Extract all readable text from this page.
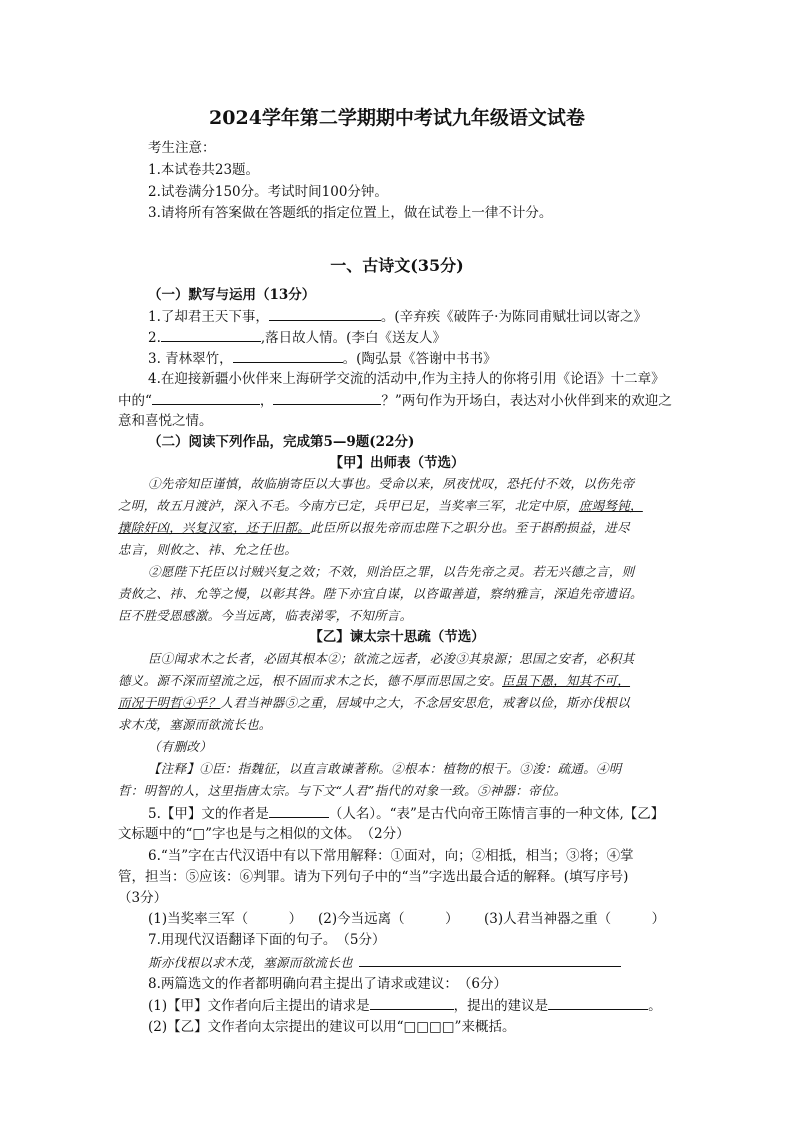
2024学年第二学期期中考试九年级语文试卷
考生注意：
1.本试卷共23题。
2.试卷满分150分。考试时间100分钟。
3.请将所有答案做在答题纸的指定位置上，做在试卷上一律不计分。
一、古诗文(35分)
（一）默写与运用（13分）
1.了却君王天下事，	。(辛弃疾《破阵子·为陈同甫赋壮词以寄之》
2.	,落日故人情。(李白《送友人》
3. 青林翠竹，	。(陶弘景《答谢中书书》
4.在迎接新疆小伙伴来上海研学交流的活动中,作为主持人的你将引用《论语》十二章》
中的“	，	？”两句作为开场白，表达对小伙伴到来的欢迎之
意和喜悦之情。
（二）阅读下列作品，完成第5—9题(22分)
【甲】出师表（节选）
①先帝知臣谨慎，故临崩寄臣以大事也。受命以来，夙夜忧叹，恐托付不效，以伤先帝
之明，故五月渡泸，深入不毛。今南方已定，兵甲已足，当奖率三军，北定中原，庶竭驽钝，
攘除奸凶，兴复汉室，还于旧都。此臣所以报先帝而忠陛下之职分也。至于斟酌损益，进尽
忠言，则攸之、祎、允之任也。
②愿陛下托臣以讨贼兴复之效；不效，则治臣之罪，以告先帝之灵。若无兴德之言，则
责攸之、祎、允等之慢，以彰其咎。陛下亦宜自谋，以咨诹善道，察纳雅言，深追先帝遗诏。
臣不胜受恩感激。今当远离，临表涕零，不知所言。
【乙】谏太宗十思疏（节选）
臣①闻求木之长者，必固其根本②；欲流之远者，必浚③其泉源；思国之安者，必积其
德义。源不深而望流之远，根不固而求木之长，德不厚而思国之安。臣虽下愚，知其不可，
而况于明哲④乎？人君当神器⑤之重，居域中之大，不念居安思危，戒奢以俭，斯亦伐根以
求木茂，塞源而欲流长也。
（有删改）
【注释】①臣：指魏征，以直言敢谏著称。②根本：植物的根干。③浚：疏通。④明
哲：明智的人，这里指唐太宗。与下文“人君”指代的对象一致。⑤神器：帝位。
5.【甲】文的作者是	（人名）。“表”是古代向帝王陈情言事的一种文体,【乙】
文标题中的“□”字也是与之相似的文体。　（2分）
6.“当”字在古代汉语中有以下常用解释：①面对，向；②相抵，相当；③将；④掌
管，担当：⑤应该：⑥判罪。请为下列句子中的“当”字选出最合适的解释。(填写序号)
（3分）
(1)当奖率三军（　　　） (2)今当远离（　　　） (3)人君当神器之重（　　　）
7.用现代汉语翻译下面的句子。　（5分）
斯亦伐根以求木茂，塞源而欲流长也
8.两篇选文的作者都明确向君主提出了请求或建议：　（6分）
(1)【甲】文作者向后主提出的请求是	，提出的建议是	。
(2)【乙】文作者向太宗提出的建议可以用“□□□□”来概括。
